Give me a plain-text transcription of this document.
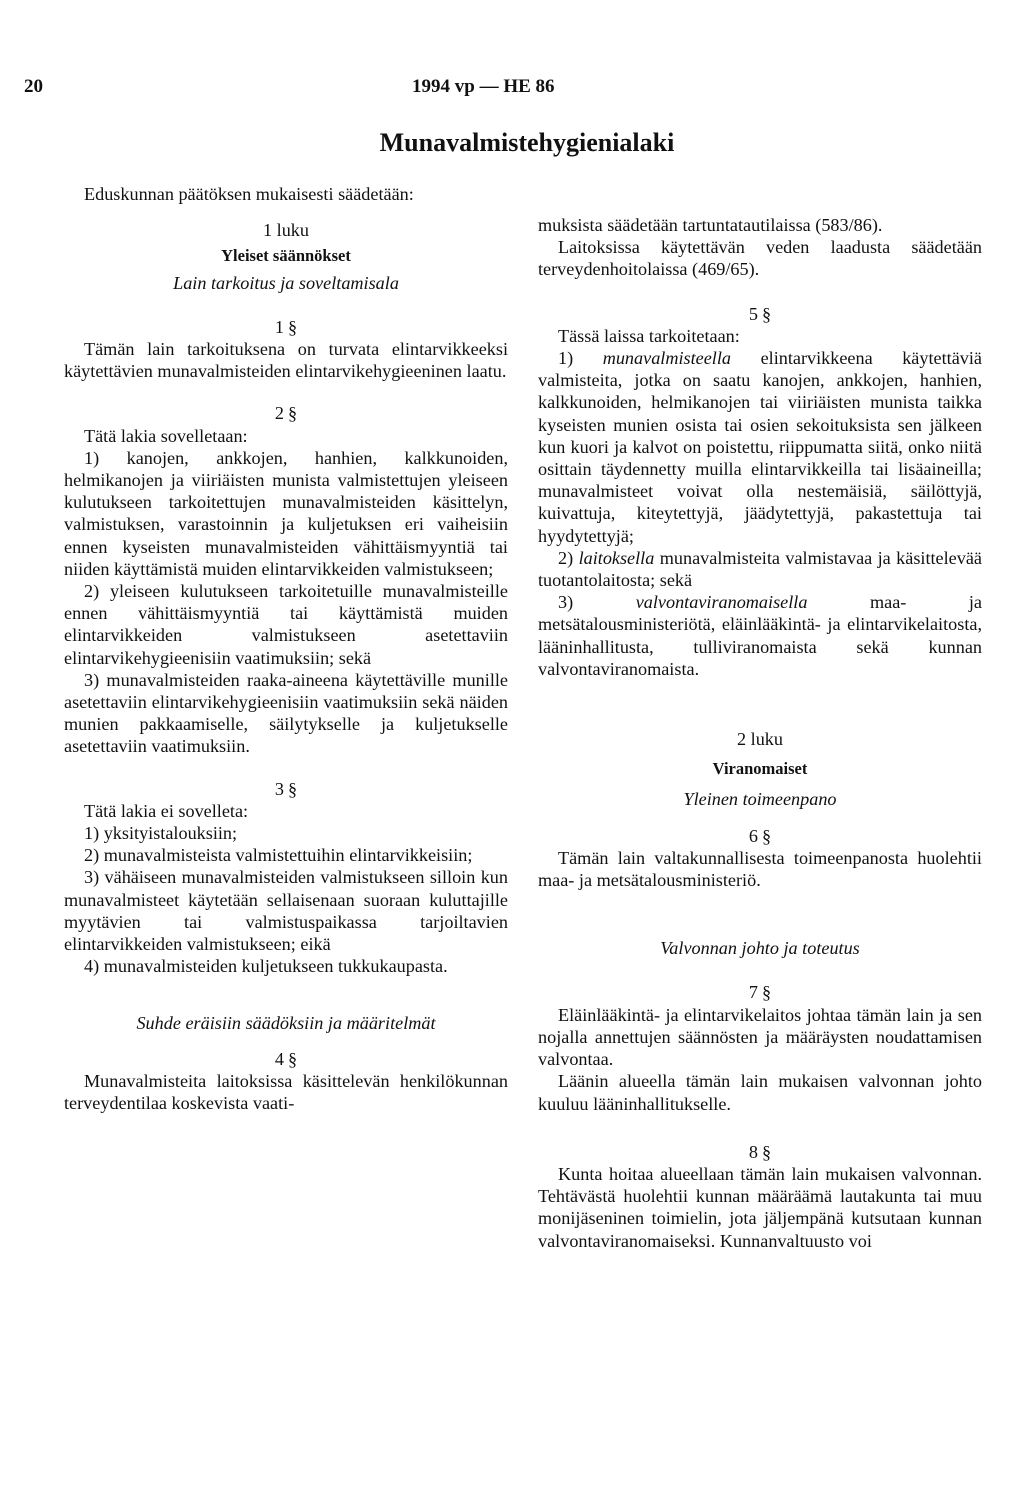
20	1994 vp — HE 86
Munavalmistehygienialaki

Eduskunnan päätöksen mukaisesti säädetään:

1 luku

Yleiset säännökset

Lain tarkoitus ja soveltamisala

1 §

Tämän lain tarkoituksena on turvata elintarvikkeeksi käytettävien munavalmisteiden elintarvikehygieeninen laatu.

2 §

Tätä lakia sovelletaan:

1) kanojen, ankkojen, hanhien, kalkkunoiden, helmikanojen ja viiriäisten munista valmistettujen yleiseen kulutukseen tarkoitettujen munavalmisteiden käsittelyn, valmistuksen, varastoinnin ja kuljetuksen eri vaiheisiin ennen kyseisten munavalmisteiden vähittäismyyntiä tai niiden käyttämistä muiden elintarvikkeiden valmistukseen;

2) yleiseen kulutukseen tarkoitetuille munavalmisteille ennen vähittäismyyntiä tai käyttämistä muiden elintarvikkeiden valmistukseen asetettaviin elintarvikehygieenisiin vaatimuksiin; sekä

3) munavalmisteiden raaka-aineena käytettäville munille asetettaviin elintarvikehygieenisiin vaatimuksiin sekä näiden munien pakkaamiselle, säilytykselle ja kuljetukselle asetettaviin vaatimuksiin.

3 §

Tätä lakia ei sovelleta:

1) yksityistalouksiin;

2) munavalmisteista valmistettuihin elintarvikkeisiin;

3) vähäiseen munavalmisteiden valmistukseen silloin kun munavalmisteet käytetään sellaisenaan suoraan kuluttajille myytävien tai valmistuspaikassa tarjoiltavien elintarvikkeiden valmistukseen; eikä

4) munavalmisteiden kuljetukseen tukkukaupasta.

Suhde eräisiin säädöksiin ja määritelmät

4 §

Munavalmisteita laitoksissa käsittelevän henkilökunnan terveydentilaa koskevista vaati-

muksista säädetään tartuntatautilaissa (583/86).

Laitoksissa käytettävän veden laadusta säädetään terveydenhoitolaissa (469/65).

5 §

Tässä laissa tarkoitetaan:

1) munavalmisteella elintarvikkeena käytettäviä valmisteita, jotka on saatu kanojen, ankkojen, hanhien, kalkkunoiden, helmikanojen tai viiriäisten munista taikka kyseisten munien osista tai osien sekoituksista sen jälkeen kun kuori ja kalvot on poistettu, riippumatta siitä, onko niitä osittain täydennetty muilla elintarvikkeilla tai lisäaineilla; munavalmisteet voivat olla nestemäisiä, säilöttyjä, kuivattuja, kiteytettyjä, jäädytettyjä, pakastettuja tai hyydytettyjä;

2) laitoksella munavalmisteita valmistavaa ja käsittelevää tuotantolaitosta; sekä

3) valvontaviranomaisella	maa- ja metsätalousministeriötä, eläinlääkintä- ja elintarvikelaitosta, lääninhallitusta, tulliviranomaista sekä kunnan valvontaviranomaista.

2 luku

Viranomaiset

Yleinen toimeenpano

6 §

Tämän lain valtakunnallisesta toimeenpanosta huolehtii maa- ja metsätalousministeriö.

Valvonnan johto ja toteutus

7 §

Eläinlääkintä- ja elintarvikelaitos johtaa tämän lain ja sen nojalla annettujen säännösten ja määräysten noudattamisen valvontaa.

Läänin alueella tämän lain mukaisen valvonnan johto kuuluu lääninhallitukselle.

8 §

Kunta hoitaa alueellaan tämän lain mukaisen valvonnan. Tehtävästä huolehtii kunnan määräämä lautakunta tai muu monijäseninen toimielin, jota jäljempänä kutsutaan kunnan valvontaviranomaiseksi. Kunnanvaltuusto voi
